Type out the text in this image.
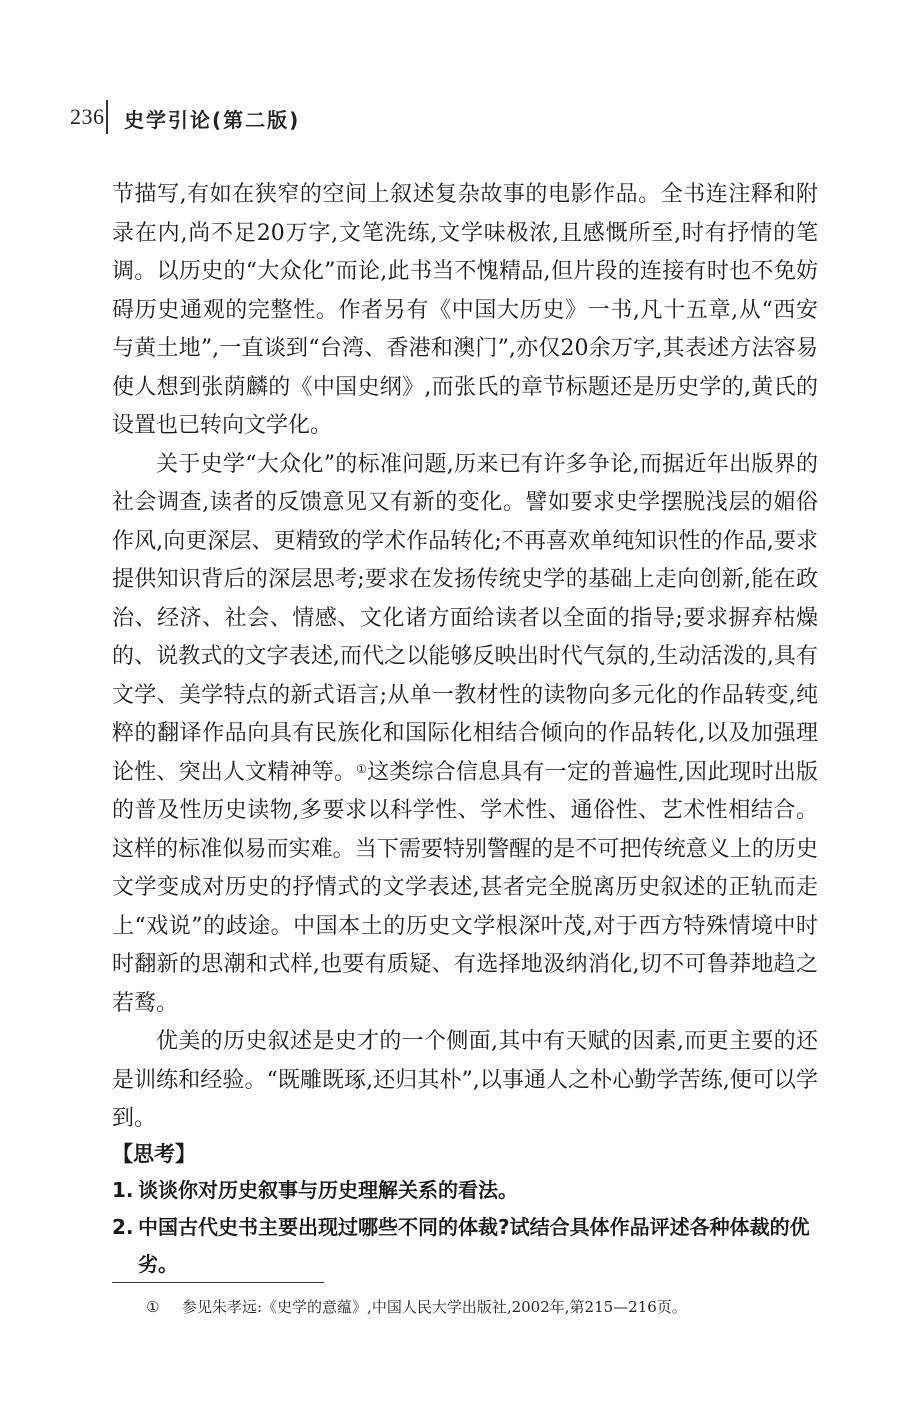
236 史学引论(第二版)

节描写,有如在狭窄的空间上叙述复杂故事的电影作品。全书连注释和附录在内,尚不足20万字,文笔洗练,文学味极浓,且感慨所至,时有抒情的笔调。以历史的“大众化”而论,此书当不愧精品,但片段的连接有时也不免妨碍历史通观的完整性。作者另有《中国大历史》一书,凡十五章,从“西安与黄土地”,一直谈到“台湾、香港和澳门”,亦仅20余万字,其表述方法容易使人想到张荫麟的《中国史纲》,而张氏的章节标题还是历史学的,黄氏的设置也已转向文学化。

关于史学“大众化”的标准问题,历来已有许多争论,而据近年出版界的社会调查,读者的反馈意见又有新的变化。譬如要求史学摆脱浅层的媚俗作风,向更深层、更精致的学术作品转化;不再喜欢单纯知识性的作品,要求提供知识背后的深层思考;要求在发扬传统史学的基础上走向创新,能在政治、经济、社会、情感、文化诸方面给读者以全面的指导;要求摒弃枯燥的、说教式的文字表述,而代之以能够反映出时代气氛的,生动活泼的,具有文学、美学特点的新式语言;从单一教材性的读物向多元化的作品转变,纯粹的翻译作品向具有民族化和国际化相结合倾向的作品转化,以及加强理论性、突出人文精神等。①这类综合信息具有一定的普遍性,因此现时出版的普及性历史读物,多要求以科学性、学术性、通俗性、艺术性相结合。这样的标准似易而实难。当下需要特别警醒的是不可把传统意义上的历史文学变成对历史的抒情式的文学表述,甚者完全脱离历史叙述的正轨而走上“戏说”的歧途。中国本土的历史文学根深叶茂,对于西方特殊情境中时时翻新的思潮和式样,也要有质疑、有选择地汲纳消化,切不可鲁莽地趋之若鹜。

优美的历史叙述是史才的一个侧面,其中有天赋的因素,而更主要的还是训练和经验。“既雕既琢,还归其朴”,以事通人之朴心勤学苦练,便可以学到。

【思考】

1. 谈谈你对历史叙事与历史理解关系的看法。

2. 中国古代史书主要出现过哪些不同的体裁?试结合具体作品评述各种体裁的优劣。

①	参见朱孝远:《史学的意蕴》,中国人民大学出版社,2002年,第215—216页。
